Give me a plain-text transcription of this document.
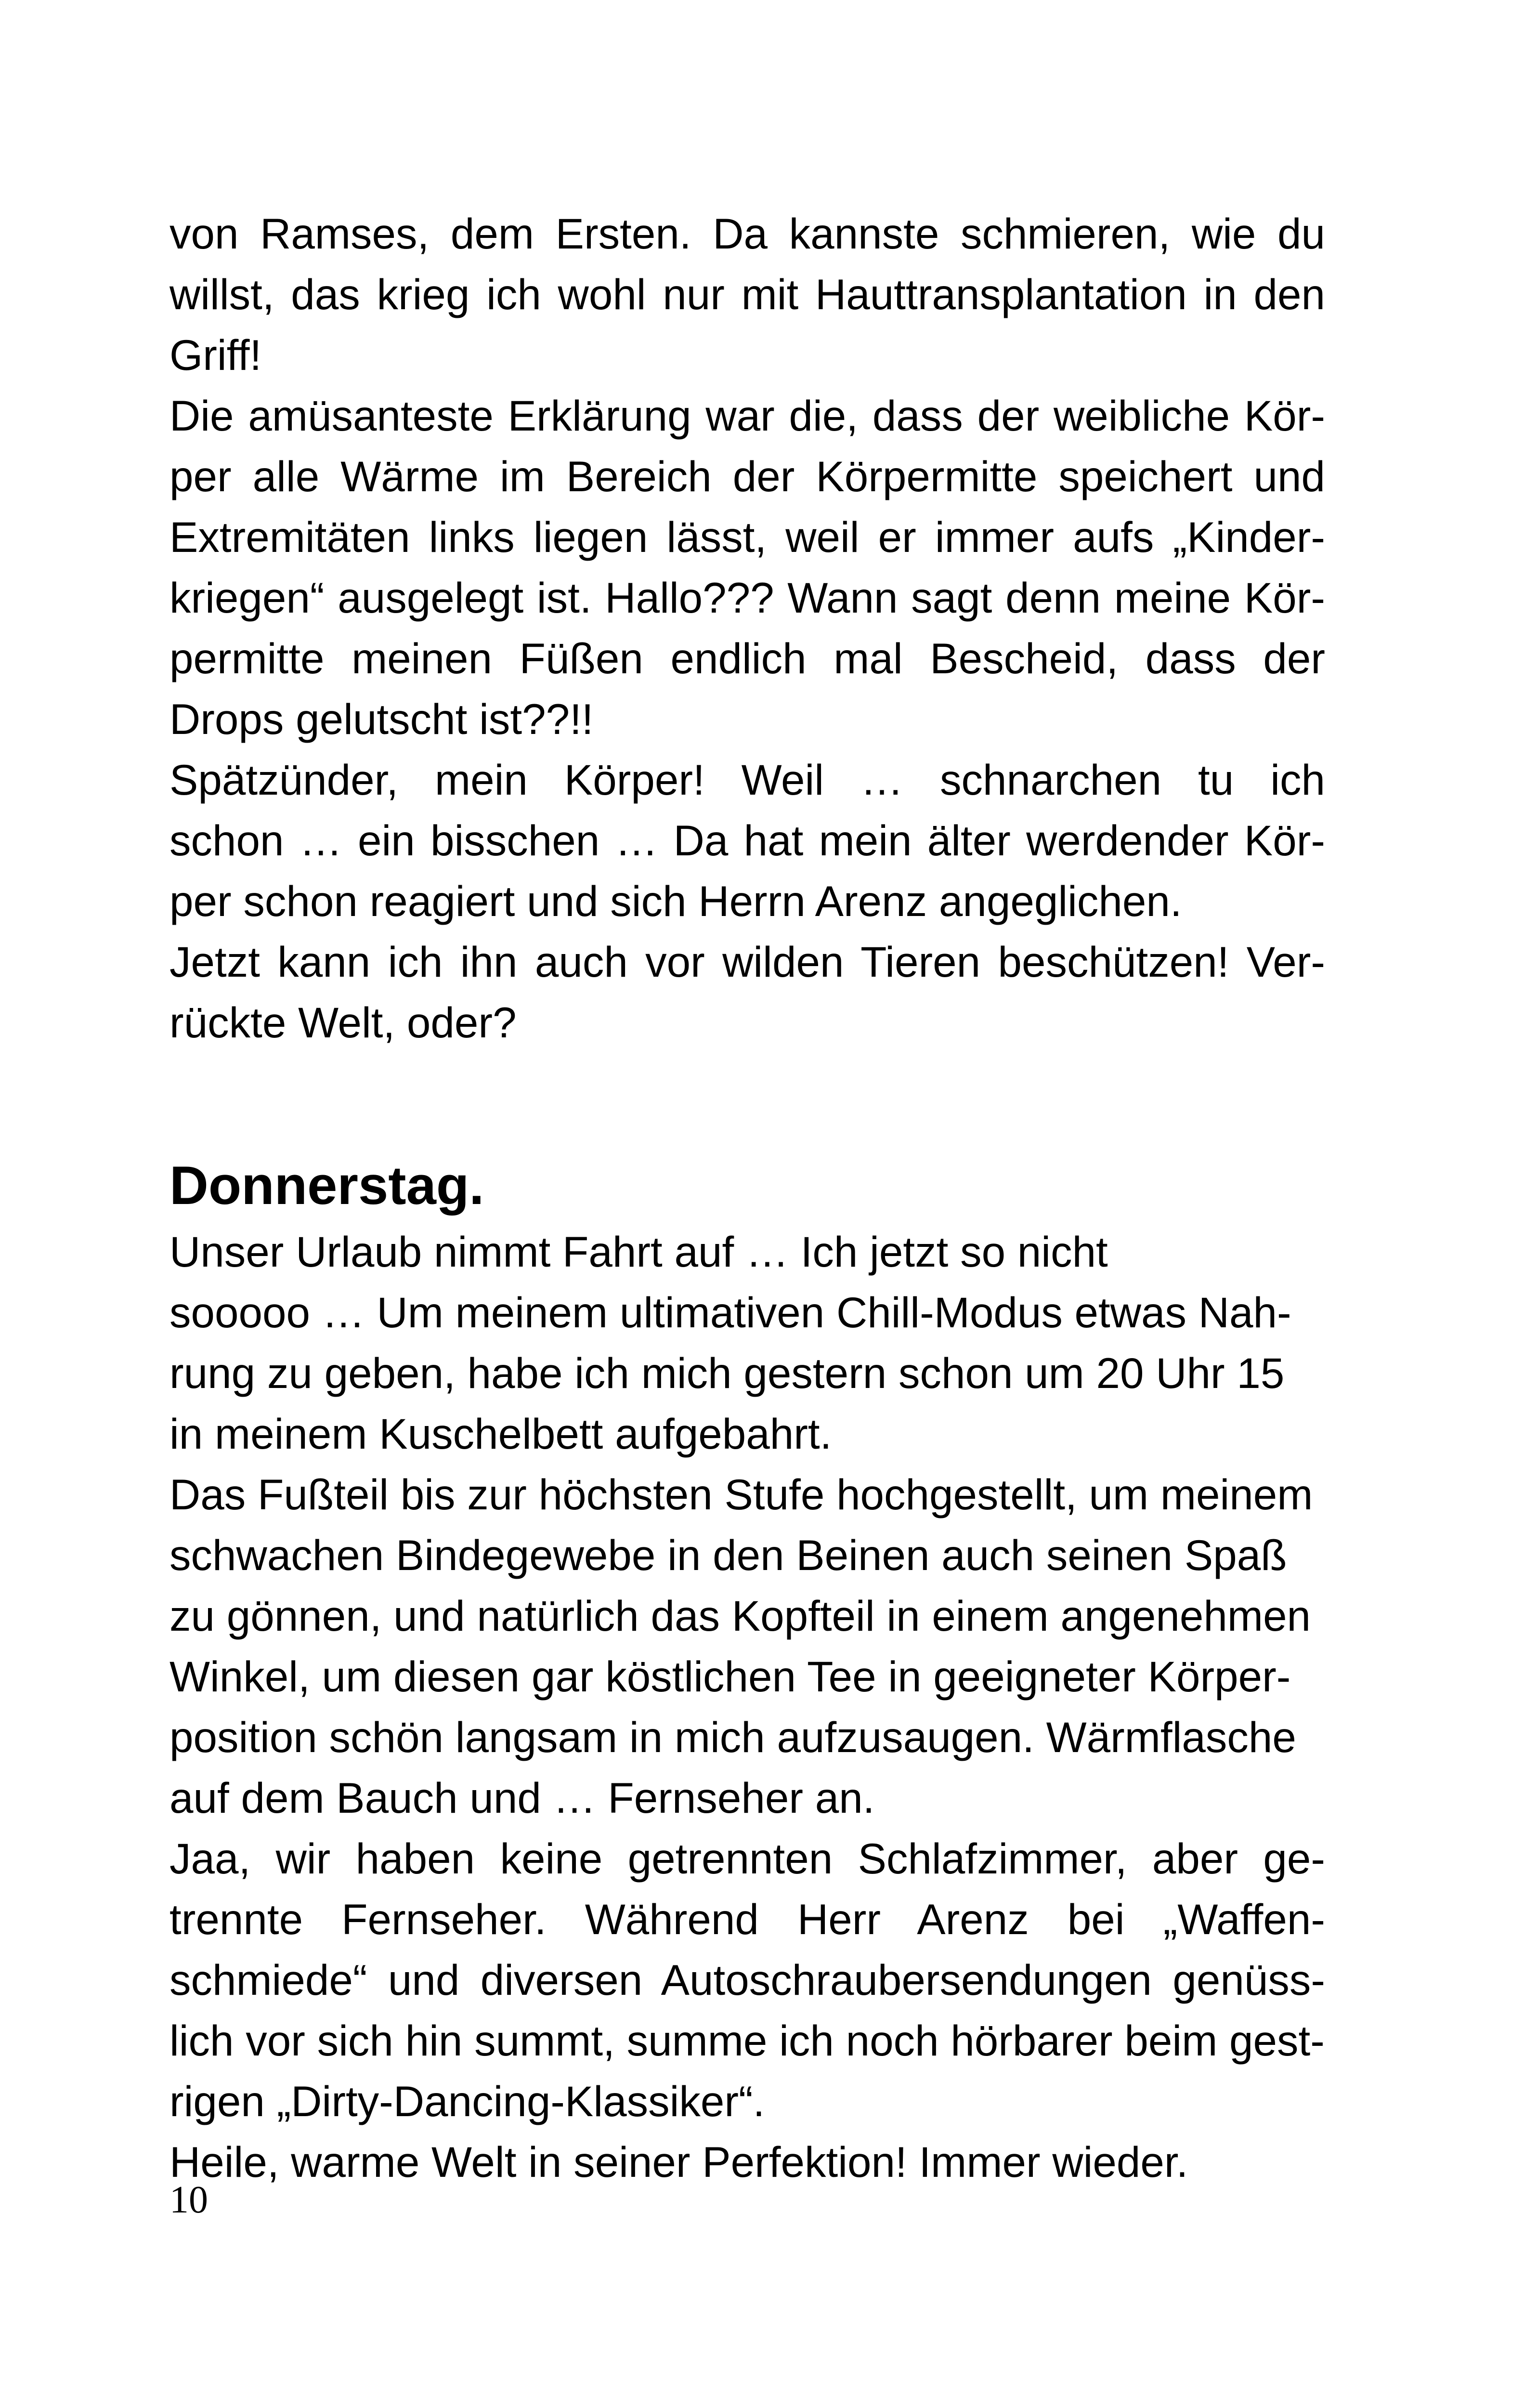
von Ramses, dem Ersten. Da kannste schmieren, wie du
willst, das krieg ich wohl nur mit Hauttransplantation in den
Griff!
Die amüsanteste Erklärung war die, dass der weibliche Kör-
per alle Wärme im Bereich der Körpermitte speichert und
Extremitäten links liegen lässt, weil er immer aufs „Kinder-
kriegen“ ausgelegt ist. Hallo??? Wann sagt denn meine Kör-
permitte meinen Füßen endlich mal Bescheid, dass der
Drops gelutscht ist??!!
Spätzünder, mein Körper! Weil … schnarchen tu ich
schon … ein bisschen … Da hat mein älter werdender Kör-
per schon reagiert und sich Herrn Arenz angeglichen.
Jetzt kann ich ihn auch vor wilden Tieren beschützen! Ver-
rückte Welt, oder?
Donnerstag.
Unser Urlaub nimmt Fahrt auf … Ich jetzt so nicht
sooooo … Um meinem ultimativen Chill-Modus etwas Nah-
rung zu geben, habe ich mich gestern schon um 20 Uhr 15
in meinem Kuschelbett aufgebahrt.
Das Fußteil bis zur höchsten Stufe hochgestellt, um meinem
schwachen Bindegewebe in den Beinen auch seinen Spaß
zu gönnen, und natürlich das Kopfteil in einem angenehmen
Winkel, um diesen gar köstlichen Tee in geeigneter Körper-
position schön langsam in mich aufzusaugen. Wärmflasche
auf dem Bauch und … Fernseher an.
Jaa, wir haben keine getrennten Schlafzimmer, aber ge-
trennte Fernseher. Während Herr Arenz bei „Waffen-
schmiede“ und diversen Autoschraubersendungen genüss-
lich vor sich hin summt, summe ich noch hörbarer beim gest-
rigen „Dirty-Dancing-Klassiker“.
Heile, warme Welt in seiner Perfektion! Immer wieder.
10
